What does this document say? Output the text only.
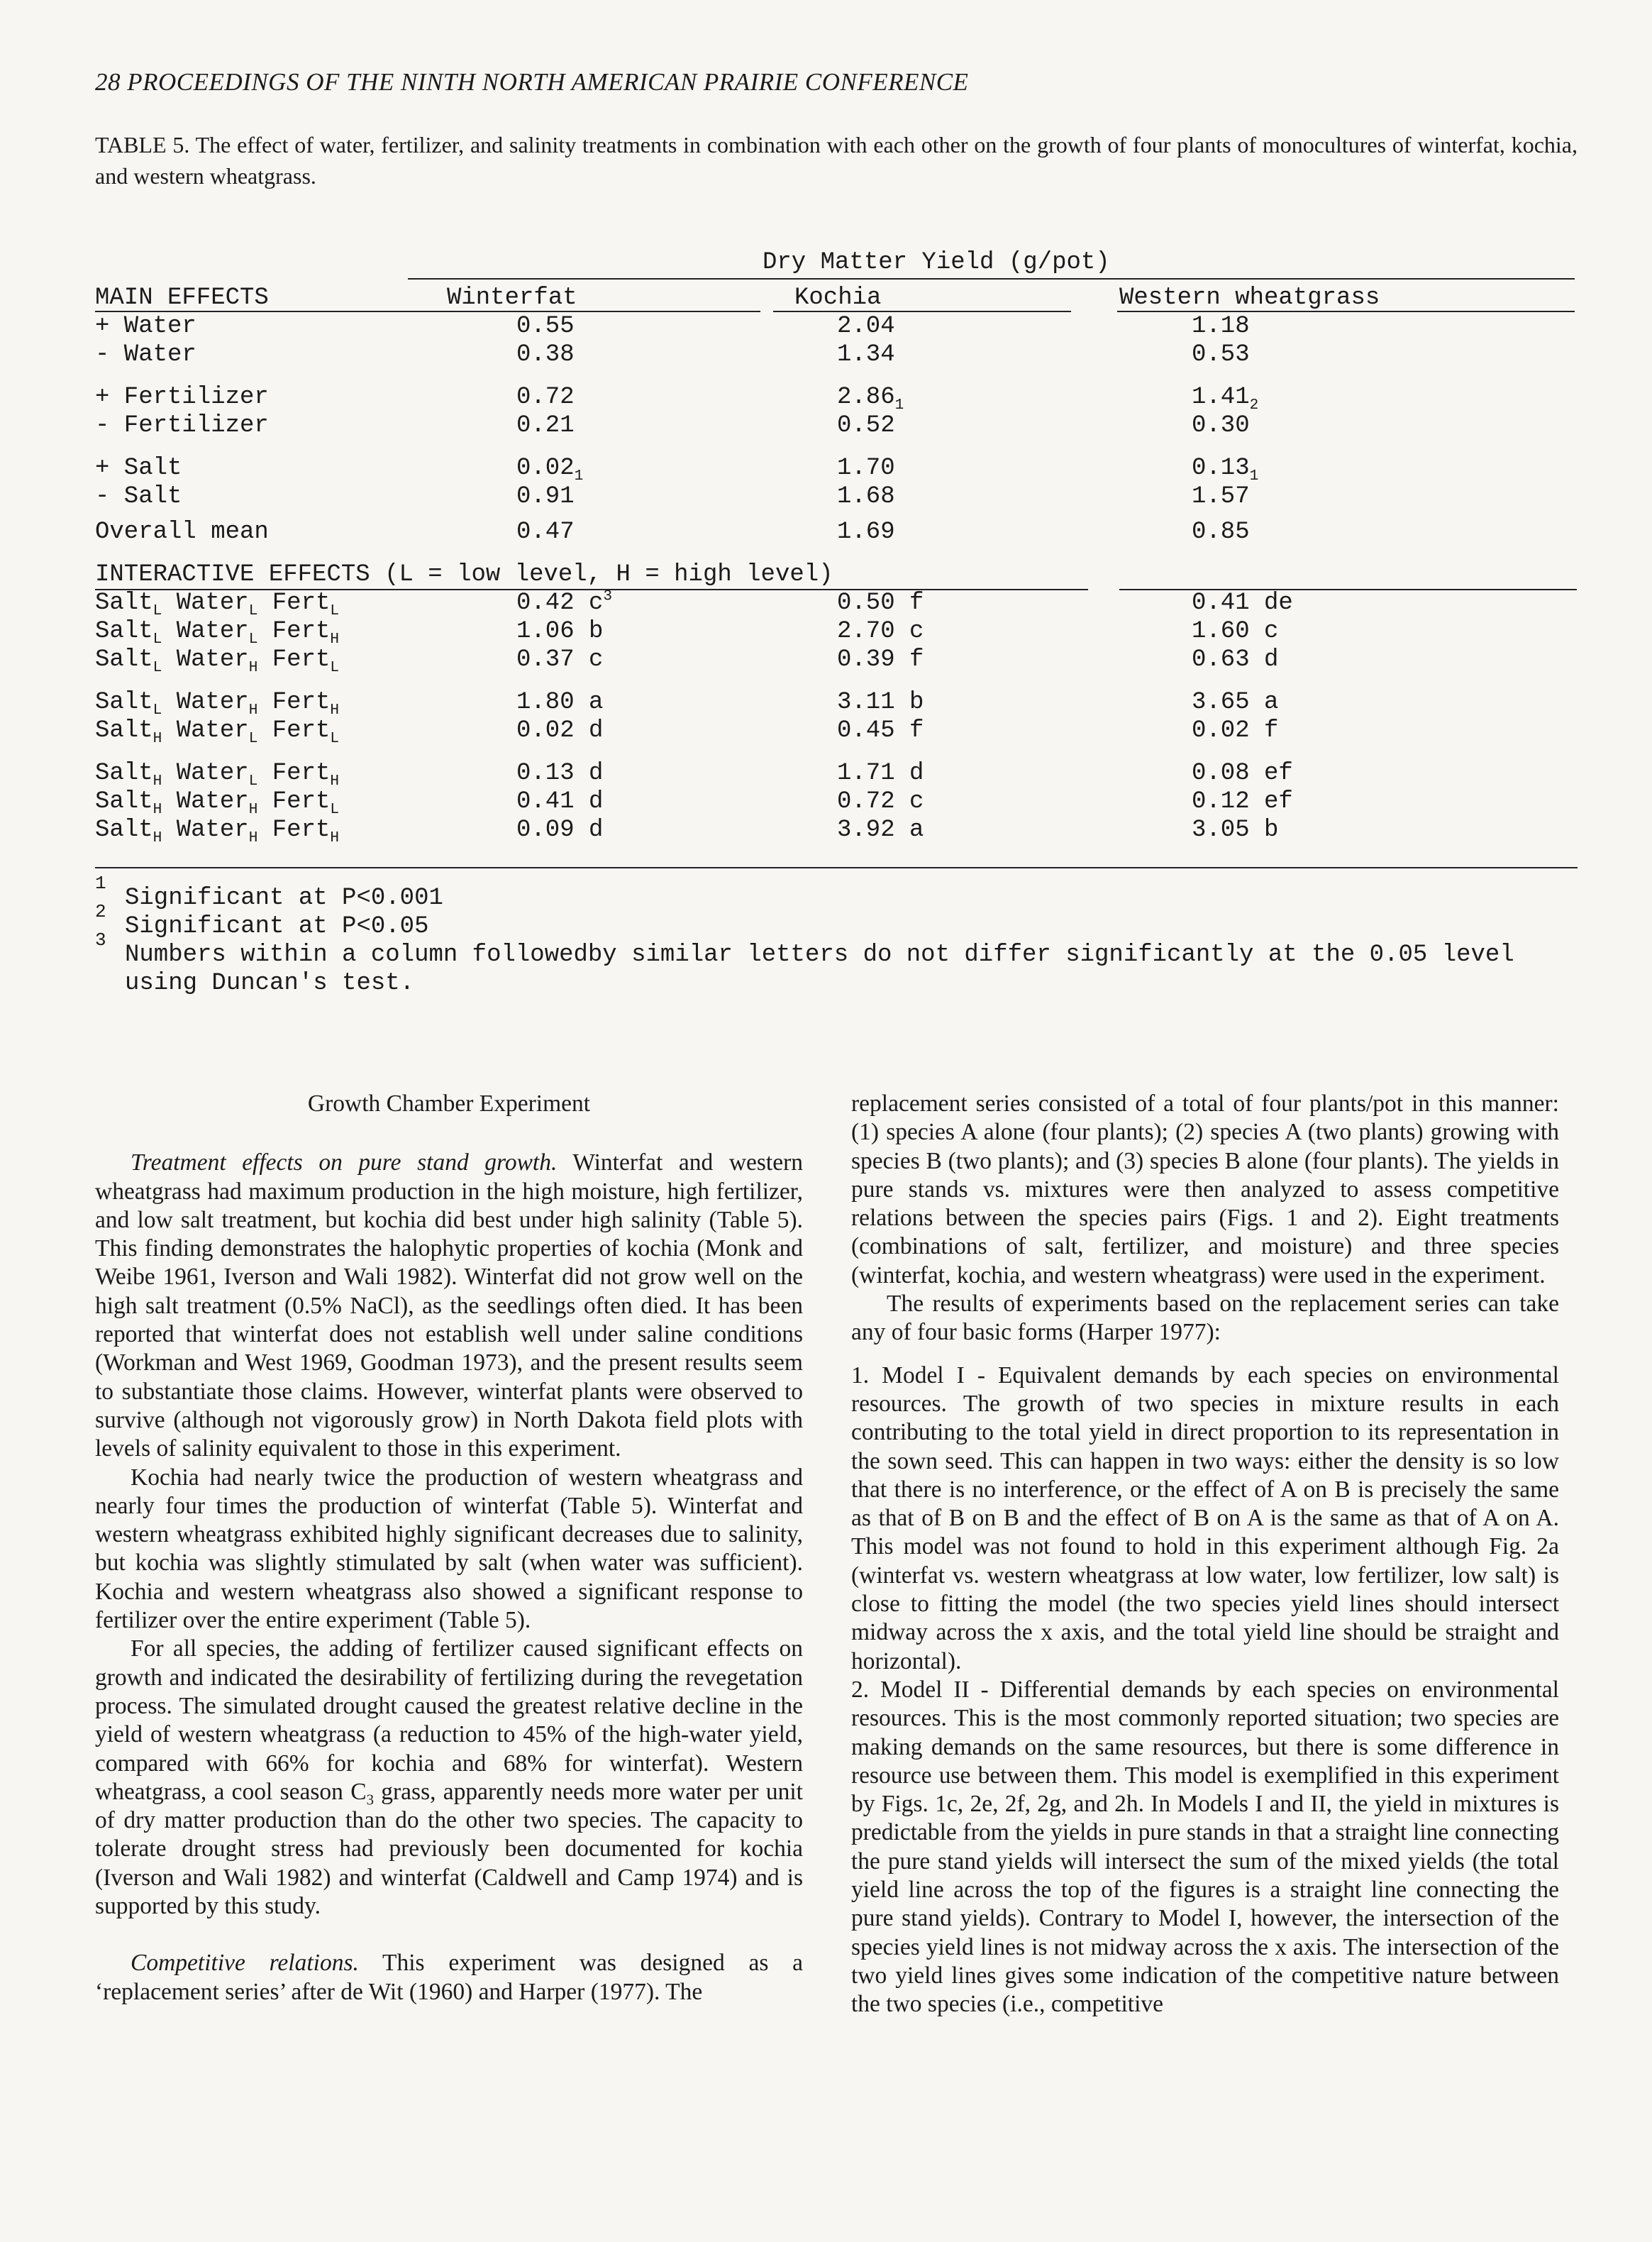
28 PROCEEDINGS OF THE NINTH NORTH AMERICAN PRAIRIE CONFERENCE
TABLE 5. The effect of water, fertilizer, and salinity treatments in combination with each other on the growth of four plants of monocultures of winterfat, kochia, and western wheatgrass.
Dry Matter Yield (g/pot)
MAIN EFFECTS	Winterfat	Kochia	Western wheatgrass
+ Water	0.55	2.04	1.18
- Water	0.38	1.34	0.53
+ Fertilizer	0.72	$2.86_1$	$1.41_2$
- Fertilizer	0.21	0.52	0.30
+ Salt	$0.02_1$	1.70	$0.13_1$
- Salt	0.91	1.68	1.57
Overall mean	0.47	1.69	0.85
INTERACTIVE EFFECTS (L = low level, H = high level)
Salt$_L$ Water$_L$ Fert$_L$	0.42 $c^3$	0.50 f	0.41 de
Salt$_L$ Water$_L$ Fert$_H$	1.06 b	2.70 c	1.60 c
Salt$_L$ Water$_H$ Fert$_L$	0.37 c	0.39 f	0.63 d
Salt$_L$ Water$_H$ Fert$_H$	1.80 a	3.11 b	3.65 a
Salt$_H$ Water$_L$ Fert$_L$	0.02 d	0.45 f	0.02 f
Salt$_H$ Water$_L$ Fert$_H$	0.13 d	1.71 d	0.08 ef
Salt$_H$ Water$_H$ Fert$_L$	0.41 d	0.72 c	0.12 ef
Salt$_H$ Water$_H$ Fert$_H$	0.09 d	3.92 a	3.05 b
1
Significant at P<0.001
2
Significant at P<0.05
3
Numbers within a column followedby similar letters do not differ significantly at the 0.05 level
using Duncan's test.

Growth Chamber Experiment

Treatment effects on pure stand growth. Winterfat and western wheatgrass had maximum production in the high moisture, high fertilizer, and low salt treatment, but kochia did best under high salinity (Table 5). This finding demonstrates the halophytic properties of kochia (Monk and Weibe 1961, Iverson and Wali 1982). Winterfat did not grow well on the high salt treatment (0.5% NaCl), as the seedlings often died. It has been reported that winterfat does not establish well under saline conditions (Workman and West 1969, Goodman 1973), and the present results seem to substantiate those claims. However, winterfat plants were observed to survive (although not vigorously grow) in North Dakota field plots with levels of salinity equivalent to those in this experiment.

Kochia had nearly twice the production of western wheatgrass and nearly four times the production of winterfat (Table 5). Winterfat and western wheatgrass exhibited highly significant decreases due to salinity, but kochia was slightly stimulated by salt (when water was sufficient). Kochia and western wheatgrass also showed a significant response to fertilizer over the entire experiment (Table 5).

For all species, the adding of fertilizer caused significant effects on growth and indicated the desirability of fertilizing during the revegetation process. The simulated drought caused the greatest relative decline in the yield of western wheatgrass (a reduction to 45% of the high-water yield, compared with 66% for kochia and 68% for winterfat). Western wheatgrass, a cool season $C_3$ grass, apparently needs more water per unit of dry matter production than do the other two species. The capacity to tolerate drought stress had previously been documented for kochia (Iverson and Wali 1982) and winterfat (Caldwell and Camp 1974) and is supported by this study.

Competitive relations. This experiment was designed as a ‘replacement series’ after de Wit (1960) and Harper (1977). The

replacement series consisted of a total of four plants/pot in this manner: (1) species A alone (four plants); (2) species A (two plants) growing with species B (two plants); and (3) species B alone (four plants). The yields in pure stands vs. mixtures were then analyzed to assess competitive relations between the species pairs (Figs. 1 and 2). Eight treatments (combinations of salt, fertilizer, and moisture) and three species (winterfat, kochia, and western wheatgrass) were used in the experiment.

The results of experiments based on the replacement series can take any of four basic forms (Harper 1977):

1. Model I - Equivalent demands by each species on environmental resources. The growth of two species in mixture results in each contributing to the total yield in direct proportion to its representation in the sown seed. This can happen in two ways: either the density is so low that there is no interference, or the effect of A on B is precisely the same as that of B on B and the effect of B on A is the same as that of A on A. This model was not found to hold in this experiment although Fig. 2a (winterfat vs. western wheatgrass at low water, low fertilizer, low salt) is close to fitting the model (the two species yield lines should intersect midway across the x axis, and the total yield line should be straight and horizontal).

2. Model II - Differential demands by each species on environmental resources. This is the most commonly reported situation; two species are making demands on the same resources, but there is some difference in resource use between them. This model is exemplified in this experiment by Figs. 1c, 2e, 2f, 2g, and 2h. In Models I and II, the yield in mixtures is predictable from the yields in pure stands in that a straight line connecting the pure stand yields will intersect the sum of the mixed yields (the total yield line across the top of the figures is a straight line connecting the pure stand yields). Contrary to Model I, however, the intersection of the species yield lines is not midway across the x axis. The intersection of the two yield lines gives some indication of the competitive nature between the two species (i.e., competitive
